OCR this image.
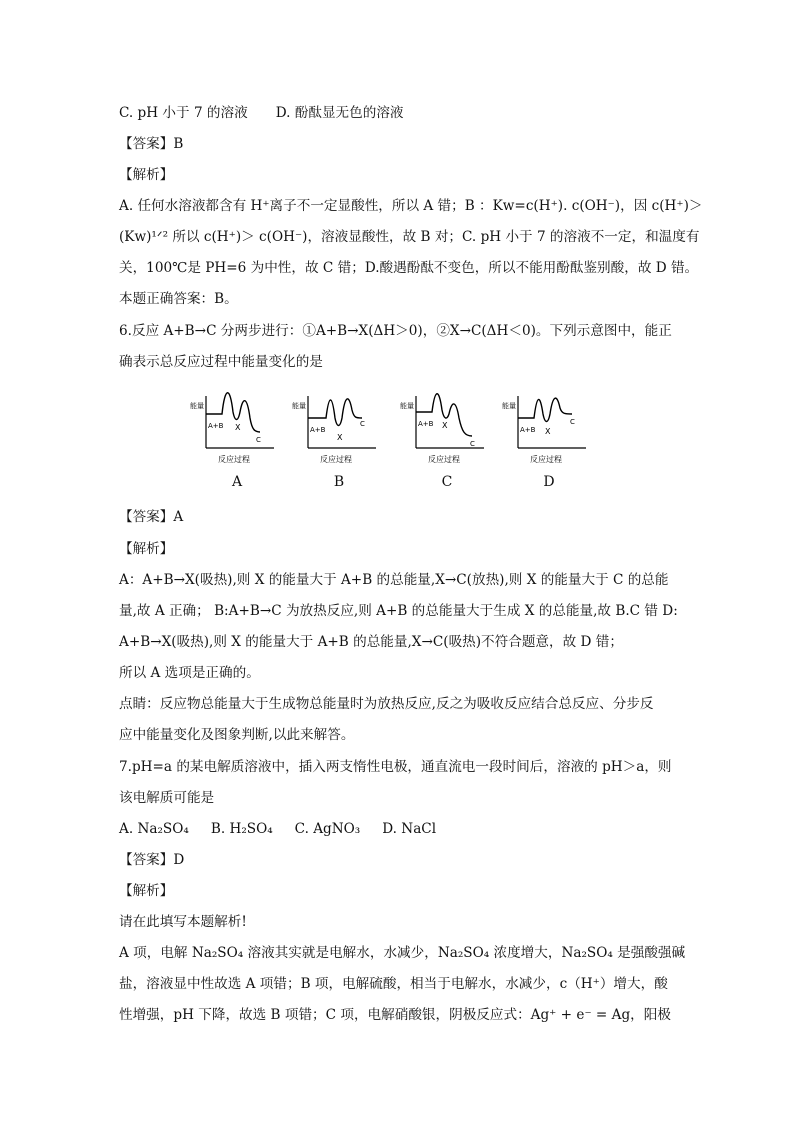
C. pH 小于 7 的溶液 D. 酚酞显无色的溶液
【答案】B
【解析】
A. 任何水溶液都含有 H⁺离子不一定显酸性，所以 A 错；B ：Kw=c(H⁺). c(OH⁻)，因 c(H⁺)＞
(Kw)¹ᐟ² 所以 c(H⁺)＞ c(OH⁻)，溶液显酸性，故 B 对；C. pH 小于 7 的溶液不一定，和温度有
关，100℃是 PH=6 为中性，故 C 错；D.酸遇酚酞不变色，所以不能用酚酞鉴别酸，故 D 错。
本题正确答案：B。
6.反应 A+B→C 分两步进行：①A+B→X(ΔH＞0)，②X→C(ΔH＜0)。下列示意图中，能正
确表示总反应过程中能量变化的是
能量
A+B X
C
反应过程
A
能量
A+B
X
C
反应过程
B
能量
A+B X
C
反应过程
C
能量
A+B X
C
反应过程
D
【答案】A
【解析】
A：A+B→X(吸热),则 X 的能量大于 A+B 的总能量,X→C(放热),则 X 的能量大于 C 的总能
量,故 A 正确； B:A+B→C 为放热反应,则 A+B 的总能量大于生成 X 的总能量,故 B.C 错 D:
A+B→X(吸热),则 X 的能量大于 A+B 的总能量,X→C(吸热)不符合题意，故 D 错；
所以 A 选项是正确的。
点睛：反应物总能量大于生成物总能量时为放热反应,反之为吸收反应结合总反应、分步反
应中能量变化及图象判断,以此来解答。
7.pH=a 的某电解质溶液中，插入两支惰性电极，通直流电一段时间后，溶液的 pH＞a，则
该电解质可能是
A. Na₂SO₄ B. H₂SO₄ C. AgNO₃ D. NaCl
【答案】D
【解析】
请在此填写本题解析!
A 项，电解 Na₂SO₄ 溶液其实就是电解水，水减少，Na₂SO₄ 浓度增大，Na₂SO₄ 是强酸强碱
盐，溶液显中性故选 A 项错；B 项，电解硫酸，相当于电解水，水减少，c（H⁺）增大，酸
性增强，pH 下降，故选 B 项错；C 项，电解硝酸银，阴极反应式：Ag⁺ + e⁻ = Ag，阳极
